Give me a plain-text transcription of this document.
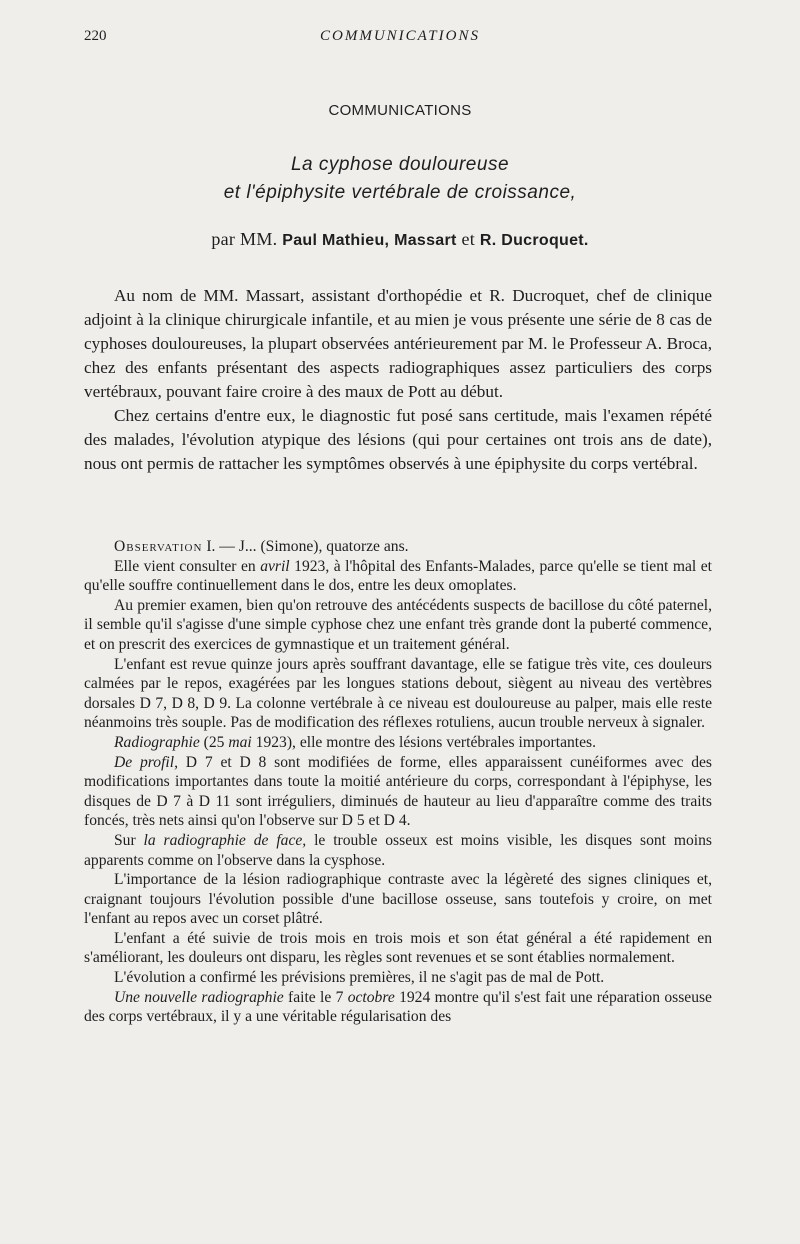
220	COMMUNICATIONS
COMMUNICATIONS
La cyphose douloureuse
et l'épiphysite vertébrale de croissance,
par MM. Paul Mathieu, Massart et R. Ducroquet.

Au nom de MM. Massart, assistant d'orthopédie et R. Ducroquet, chef de clinique adjoint à la clinique chirurgicale infantile, et au mien je vous présente une série de 8 cas de cyphoses douloureuses, la plupart observées antérieurement par M. le Professeur A. Broca, chez des enfants présentant des aspects radiographiques assez particuliers des corps vertébraux, pouvant faire croire à des maux de Pott au début.

Chez certains d'entre eux, le diagnostic fut posé sans certitude, mais l'examen répété des malades, l'évolution atypique des lésions (qui pour certaines ont trois ans de date), nous ont permis de rattacher les symptômes observés à une épiphysite du corps vertébral.

Observation I. — J... (Simone), quatorze ans.

Elle vient consulter en avril 1923, à l'hôpital des Enfants-Malades, parce qu'elle se tient mal et qu'elle souffre continuellement dans le dos, entre les deux omoplates.

Au premier examen, bien qu'on retrouve des antécédents suspects de bacillose du côté paternel, il semble qu'il s'agisse d'une simple cyphose chez une enfant très grande dont la puberté commence, et on prescrit des exercices de gymnastique et un traitement général.

L'enfant est revue quinze jours après souffrant davantage, elle se fatigue très vite, ces douleurs calmées par le repos, exagérées par les longues stations debout, siègent au niveau des vertèbres dorsales D 7, D 8, D 9. La colonne vertébrale à ce niveau est douloureuse au palper, mais elle reste néanmoins très souple. Pas de modification des réflexes rotuliens, aucun trouble nerveux à signaler.

Radiographie (25 mai 1923), elle montre des lésions vertébrales importantes.

De profil, D 7 et D 8 sont modifiées de forme, elles apparaissent cunéiformes avec des modifications importantes dans toute la moitié antérieure du corps, correspondant à l'épiphyse, les disques de D 7 à D 11 sont irréguliers, diminués de hauteur au lieu d'apparaître comme des traits foncés, très nets ainsi qu'on l'observe sur D 5 et D 4.

Sur la radiographie de face, le trouble osseux est moins visible, les disques sont moins apparents comme on l'observe dans la cysphose.

L'importance de la lésion radiographique contraste avec la légèreté des signes cliniques et, craignant toujours l'évolution possible d'une bacillose osseuse, sans toutefois y croire, on met l'enfant au repos avec un corset plâtré.

L'enfant a été suivie de trois mois en trois mois et son état général a été rapidement en s'améliorant, les douleurs ont disparu, les règles sont revenues et se sont établies normalement.

L'évolution a confirmé les prévisions premières, il ne s'agit pas de mal de Pott.

Une nouvelle radiographie faite le 7 octobre 1924 montre qu'il s'est fait une réparation osseuse des corps vertébraux, il y a une véritable régularisation des
